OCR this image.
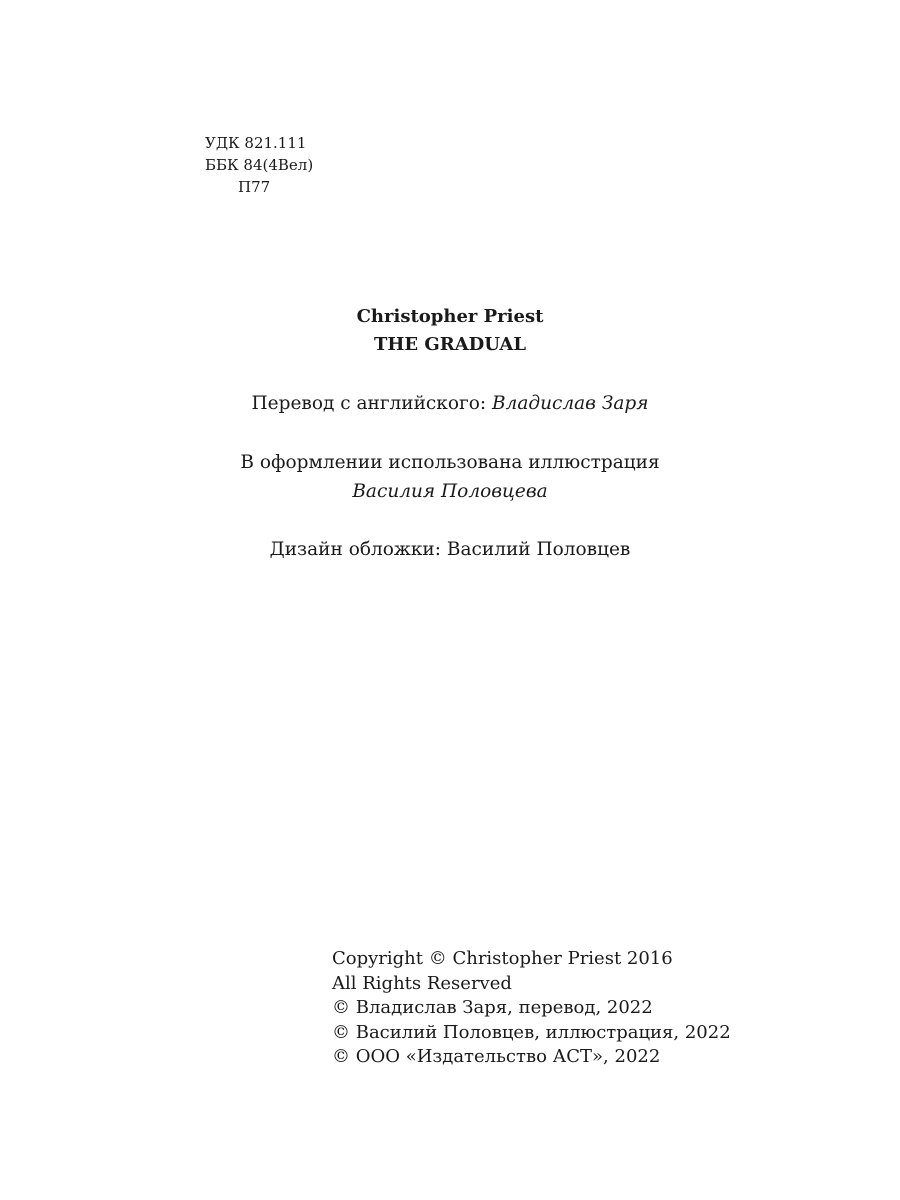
УДК 821.111
ББК 84(4Вел)
П77
Christopher Priest
THE GRADUAL
Перевод с английского: Владислав Заря
В оформлении использована иллюстрация
Василия Половцева
Дизайн обложки: Василий Половцев
Copyright © Christopher Priest 2016
All Rights Reserved
© Владислав Заря, перевод, 2022
© Василий Половцев, иллюстрация, 2022
© ООО «Издательство АСТ», 2022
